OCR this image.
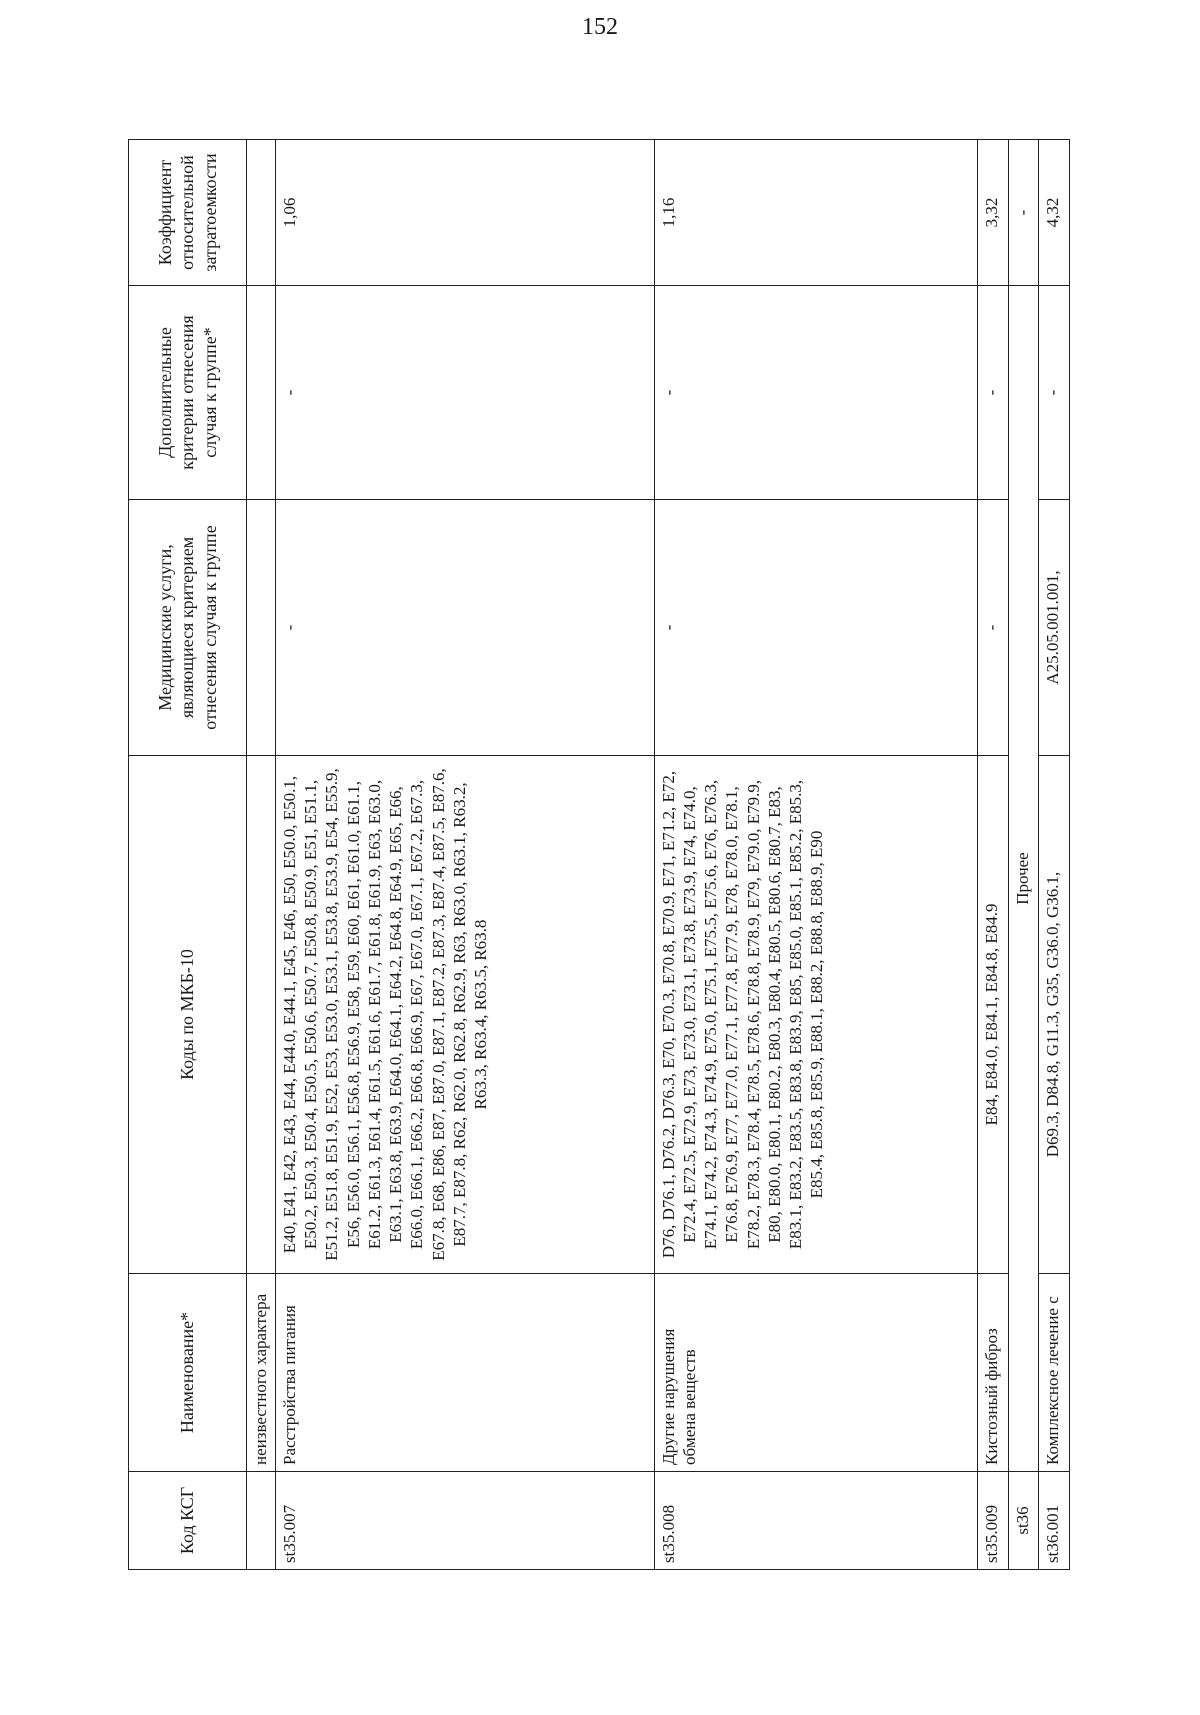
152
Код КСГ	Наименование*	Коды по МКБ-10	Медицинские услуги, являющиеся критерием отнесения случая к группе	Дополнительные критерии отнесения случая к группе*	Коэффициент относительной затратоемкости
	неизвестного характера				
st35.007	Расстройства питания	E40, E41, E42, E43, E44, E44.0, E44.1, E45, E46, E50, E50.0, E50.1, E50.2, E50.3, E50.4, E50.5, E50.6, E50.7, E50.8, E50.9, E51, E51.1, E51.2, E51.8, E51.9, E52, E53, E53.0, E53.1, E53.8, E53.9, E54, E55.9, E56, E56.0, E56.1, E56.8, E56.9, E58, E59, E60, E61, E61.0, E61.1, E61.2, E61.3, E61.4, E61.5, E61.6, E61.7, E61.8, E61.9, E63, E63.0, E63.1, E63.8, E63.9, E64.0, E64.1, E64.2, E64.8, E64.9, E65, E66, E66.0, E66.1, E66.2, E66.8, E66.9, E67, E67.0, E67.1, E67.2, E67.3, E67.8, E68, E86, E87, E87.0, E87.1, E87.2, E87.3, E87.4, E87.5, E87.6, E87.7, E87.8, R62, R62.0, R62.8, R62.9, R63, R63.0, R63.1, R63.2, R63.3, R63.4, R63.5, R63.8	-	-	1,06
st35.008	Другие нарушения обмена веществ	D76, D76.1, D76.2, D76.3, E70, E70.3, E70.8, E70.9, E71, E71.2, E72, E72.4, E72.5, E72.9, E73, E73.0, E73.1, E73.8, E73.9, E74, E74.0, E74.1, E74.2, E74.3, E74.9, E75.0, E75.1, E75.5, E75.6, E76, E76.3, E76.8, E76.9, E77, E77.0, E77.1, E77.8, E77.9, E78, E78.0, E78.1, E78.2, E78.3, E78.4, E78.5, E78.6, E78.8, E78.9, E79, E79.0, E79.9, E80, E80.0, E80.1, E80.2, E80.3, E80.4, E80.5, E80.6, E80.7, E83, E83.1, E83.2, E83.5, E83.8, E83.9, E85, E85.0, E85.1, E85.2, E85.3, E85.4, E85.8, E85.9, E88.1, E88.2, E88.8, E88.9, E90	-	-	1,16
st35.009	Кистозный фиброз	E84, E84.0, E84.1, E84.8, E84.9	-	-	3,32
st36	Прочее				-
st36.001	Комплексное лечение с	D69.3, D84.8, G11.3, G35, G36.0, G36.1,	A25.05.001.001,	-	4,32
